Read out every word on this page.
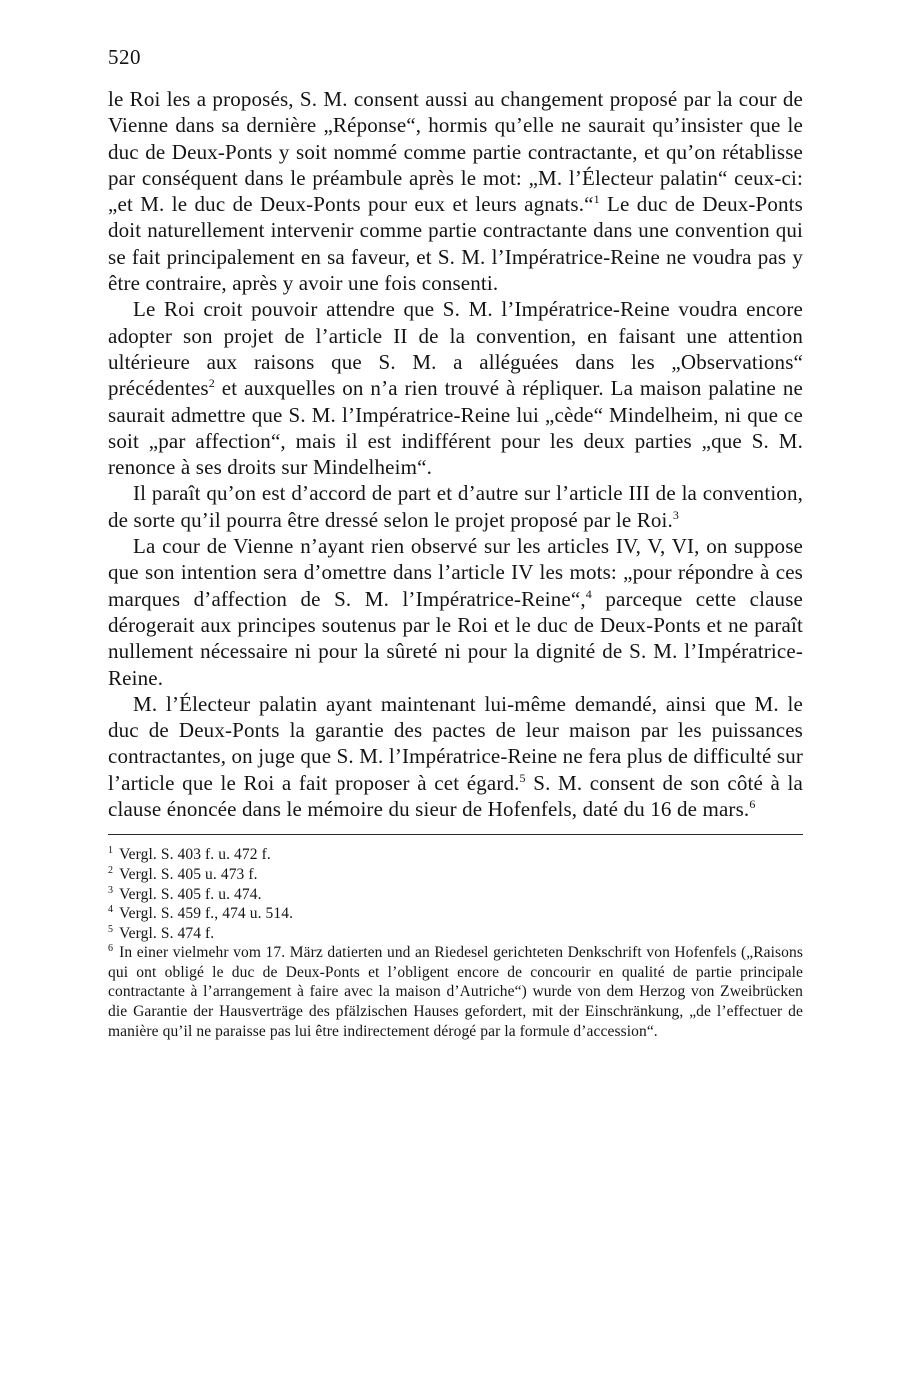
520

le Roi les a proposés, S. M. consent aussi au changement proposé par la cour de Vienne dans sa dernière „Réponse“, hormis qu’elle ne saurait qu’insister que le duc de Deux-Ponts y soit nommé comme partie contractante, et qu’on rétablisse par conséquent dans le préambule après le mot: „M. l’Électeur palatin“ ceux-ci: „et M. le duc de Deux-Ponts pour eux et leurs agnats.“$^1$ Le duc de Deux-Ponts doit naturellement intervenir comme partie contractante dans une convention qui se fait principalement en sa faveur, et S. M. l’Impératrice-Reine ne voudra pas y être contraire, après y avoir une fois consenti.

Le Roi croit pouvoir attendre que S. M. l’Impératrice-Reine voudra encore adopter son projet de l’article II de la convention, en faisant une attention ultérieure aux raisons que S. M. a alléguées dans les „Observations“ précédentes$^2$ et auxquelles on n’a rien trouvé à répliquer. La maison palatine ne saurait admettre que S. M. l’Impératrice-Reine lui „cède“ Mindelheim, ni que ce soit „par affection“, mais il est indifférent pour les deux parties „que S. M. renonce à ses droits sur Mindelheim“.

Il paraît qu’on est d’accord de part et d’autre sur l’article III de la convention, de sorte qu’il pourra être dressé selon le projet proposé par le Roi.$^3$

La cour de Vienne n’ayant rien observé sur les articles IV, V, VI, on suppose que son intention sera d’omettre dans l’article IV les mots: „pour répondre à ces marques d’affection de S. M. l’Impératrice-Reine“,$^4$ parceque cette clause dérogerait aux principes soutenus par le Roi et le duc de Deux-Ponts et ne paraît nullement nécessaire ni pour la sûreté ni pour la dignité de S. M. l’Impératrice-Reine.

M. l’Électeur palatin ayant maintenant lui-même demandé, ainsi que M. le duc de Deux-Ponts la garantie des pactes de leur maison par les puissances contractantes, on juge que S. M. l’Impératrice-Reine ne fera plus de difficulté sur l’article que le Roi a fait proposer à cet égard.$^5$ S. M. consent de son côté à la clause énoncée dans le mémoire du sieur de Hofenfels, daté du 16 de mars.$^6$

$^1$ Vergl. S. 403 f. u. 472 f.
$^2$ Vergl. S. 405 u. 473 f.
$^3$ Vergl. S. 405 f. u. 474.
$^4$ Vergl. S. 459 f., 474 u. 514.
$^5$ Vergl. S. 474 f.
$^6$ In einer vielmehr vom 17. März datierten und an Riedesel gerichteten Denkschrift von Hofenfels („Raisons qui ont obligé le duc de Deux-Ponts et l’obligent encore de concourir en qualité de partie principale contractante à l’arrangement à faire avec la maison d’Autriche“) wurde von dem Herzog von Zweibrücken die Garantie der Hausverträge des pfälzischen Hauses gefordert, mit der Einschränkung, „de l’effectuer de manière qu’il ne paraisse pas lui être indirectement dérogé par la formule d’accession“.
